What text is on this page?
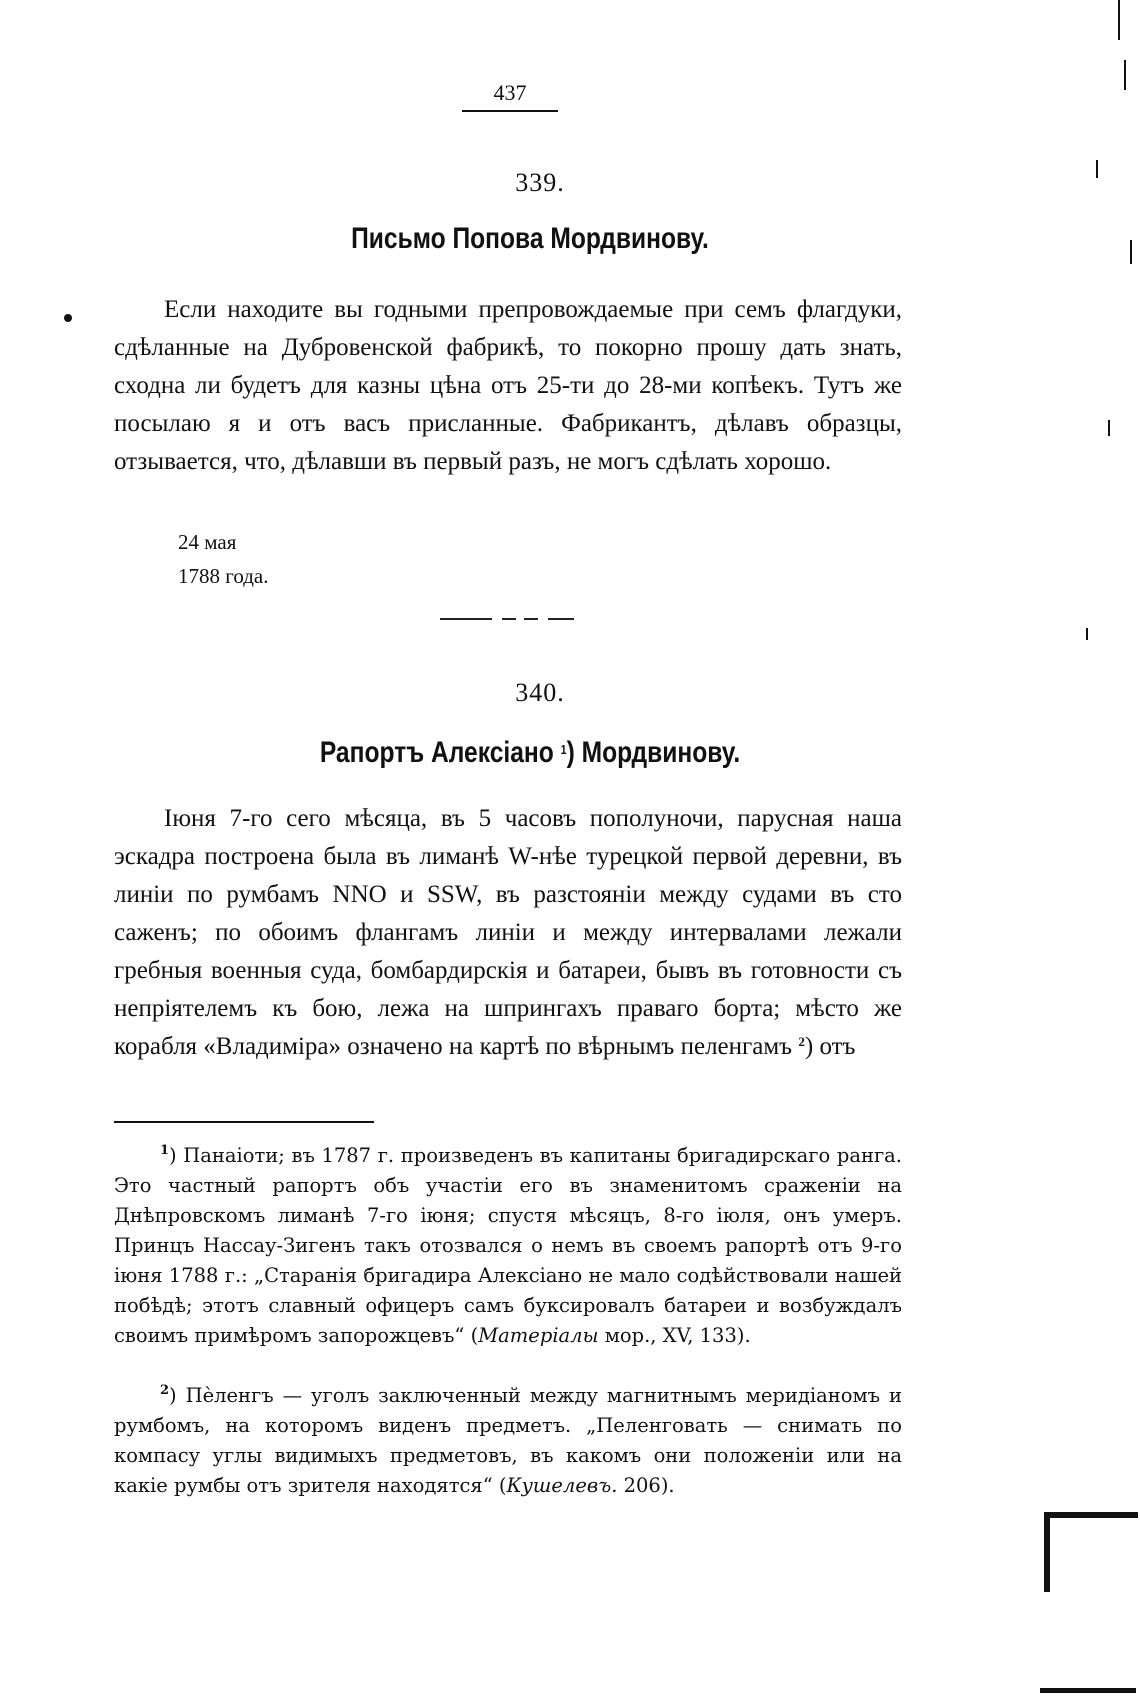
437
339.
Письмо Попова Мордвинову.

Если находите вы годными препровождаемые при семъ флагдуки, сдѣланные на Дубровенской фабрикѣ, то покорно прошу дать знать, сходна ли будетъ для казны цѣна отъ 25-ти до 28-ми копѣекъ. Тутъ же посылаю я и отъ васъ присланные. Фабрикантъ, дѣлавъ образцы, отзывается, что, дѣлавши въ первый разъ, не могъ сдѣлать хорошо.

24 мая
1788 года.
340.
Рапортъ Алексіано $^1$) Мордвинову.

Іюня 7-го сего мѣсяца, въ 5 часовъ пополуночи, парусная наша эскадра построена была въ лиманѣ W-нѣе турецкой первой деревни, въ линіи по румбамъ NNO и SSW, въ разстояніи между судами въ сто саженъ; по обоимъ флангамъ линіи и между интервалами лежали гребныя военныя суда, бомбардирскія и батареи, бывъ въ готовности съ непріятелемъ къ бою, лежа на шпрингахъ праваго борта; мѣсто же корабля «Владиміра» означено на картѣ по вѣрнымъ пеленгамъ $^2$) отъ

$^1$) Панаіоти; въ 1787 г. произведенъ въ капитаны бригадирскаго ранга. Это частный рапортъ объ участіи его въ знаменитомъ сраженіи на Днѣпровскомъ лиманѣ 7-го іюня; спустя мѣсяцъ, 8-го іюля, онъ умеръ. Принцъ Нассау-Зигенъ такъ отозвался о немъ въ своемъ рапортѣ отъ 9-го іюня 1788 г.: „Старанія бригадира Алексіано не мало содѣйствовали нашей побѣдѣ; этотъ славный офицеръ самъ буксировалъ батареи и возбуждалъ своимъ примѣромъ запорожцевъ“ (Матеріалы мор., XV, 133).

$^2$) Пѐленгъ — уголъ заключенный между магнитнымъ меридіаномъ и румбомъ, на которомъ виденъ предметъ. „Пеленговать — снимать по компасу углы видимыхъ предметовъ, въ какомъ они положеніи или на какіе румбы отъ зрителя находятся“ (Кушелевъ. 206).
